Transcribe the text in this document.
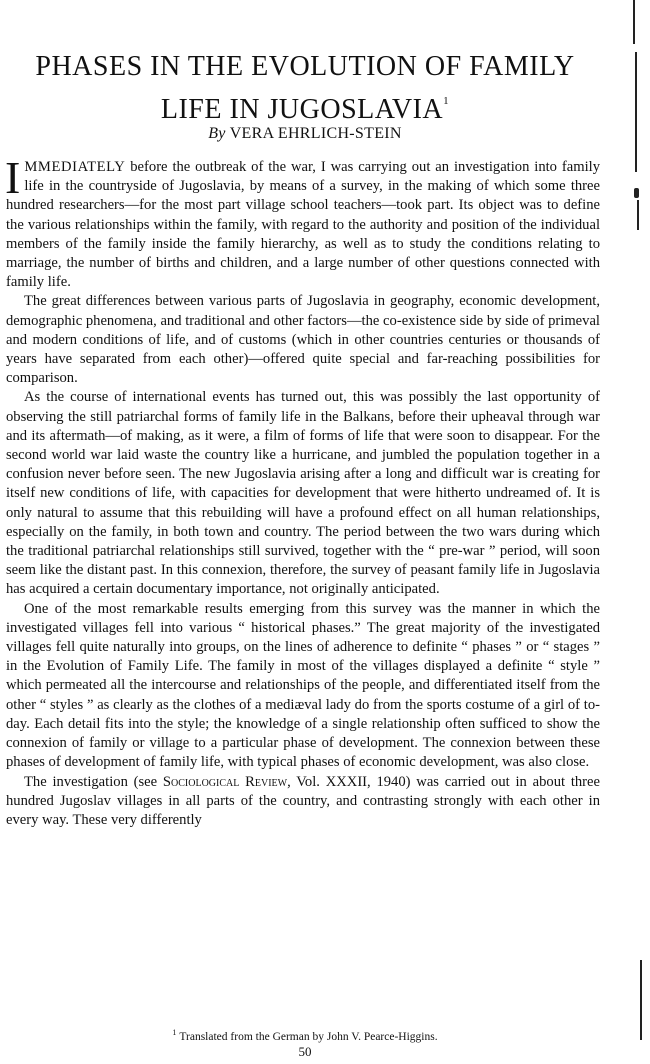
PHASES IN THE EVOLUTION OF FAMILY
LIFE IN JUGOSLAVIA$^1$
By VERA EHRLICH-STEIN

IMMEDIATELY before the outbreak of the war, I was carrying out an investigation into family life in the countryside of Jugoslavia, by means of a survey, in the making of which some three hundred researchers—for the most part village school teachers—took part. Its object was to define the various relationships within the family, with regard to the authority and position of the individual members of the family inside the family hierarchy, as well as to study the conditions relating to marriage, the number of births and children, and a large number of other questions connected with family life.

The great differences between various parts of Jugoslavia in geography, economic development, demographic phenomena, and traditional and other factors—the co-existence side by side of primeval and modern conditions of life, and of customs (which in other countries centuries or thousands of years have separated from each other)—offered quite special and far-reaching possibilities for comparison.

As the course of international events has turned out, this was possibly the last opportunity of observing the still patriarchal forms of family life in the Balkans, before their upheaval through war and its aftermath—of making, as it were, a film of forms of life that were soon to disappear. For the second world war laid waste the country like a hurricane, and jumbled the population together in a confusion never before seen. The new Jugoslavia arising after a long and difficult war is creating for itself new conditions of life, with capacities for development that were hitherto undreamed of. It is only natural to assume that this rebuilding will have a profound effect on all human relationships, especially on the family, in both town and country. The period between the two wars during which the traditional patriarchal relationships still survived, together with the “ pre-war ” period, will soon seem like the distant past. In this connexion, therefore, the survey of peasant family life in Jugoslavia has acquired a certain documentary importance, not originally anticipated.

One of the most remarkable results emerging from this survey was the manner in which the investigated villages fell into various “ historical phases.” The great majority of the investigated villages fell quite naturally into groups, on the lines of adherence to definite “ phases ” or “ stages ” in the Evolution of Family Life. The family in most of the villages displayed a definite “ style ” which permeated all the intercourse and relationships of the people, and differentiated itself from the other “ styles ” as clearly as the clothes of a mediæval lady do from the sports costume of a girl of to-day. Each detail fits into the style; the knowledge of a single relationship often sufficed to show the connexion of family or village to a particular phase of development. The connexion between these phases of development of family life, with typical phases of economic development, was also close.

The investigation (see Sociological Review, Vol. XXXII, 1940) was carried out in about three hundred Jugoslav villages in all parts of the country, and contrasting strongly with each other in every way. These very differently

$^1$ Translated from the German by John V. Pearce-Higgins.
50
